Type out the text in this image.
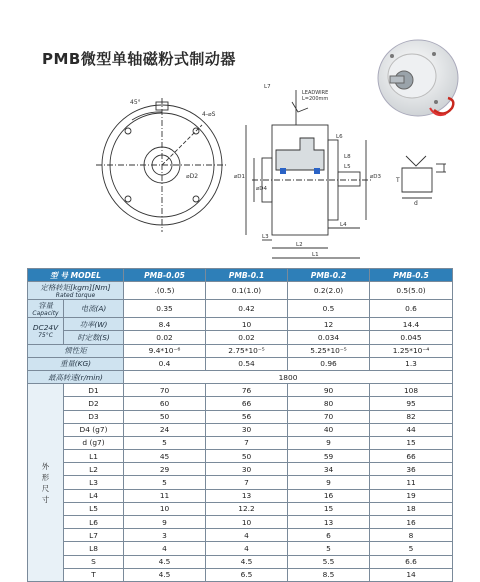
PMB微型单轴磁粉式制动器
45°
4-⌀S
⌀D2
L7
L6
LEADWIRE
L=200mm
L8
L5
⌀D1
⌀D4
⌀D3
L4
L3
L2
L1
T
d
型 号 MODEL		PMB-0.05	PMB-0.1	PMB-0.2	PMB-0.5
定格转矩[kgm][Nm]
Rated torque		.(0.5)	0.1(1.0)	0.2(2.0)	0.5(5.0)
容量
Capacity	电流(A)	0.35	0.42	0.5	0.6
DC24V
75°C	功率(W)	8.4	10	12	14.4
	时定数(S)	0.02	0.02	0.034	0.045
惯性矩		9.4*10⁻⁶	2.75*10⁻⁵	5.25*10⁻⁵	1.25*10⁻⁴
重量(KG)		0.4	0.54	0.96	1.3
最高转速(r/min)		1800			
外
形
尺
寸	D1	70	76	90	108
	D2	60	66	80	95
	D3	50	56	70	82
	D4 (g7)	24	30	40	44
	d (g7)	5	7	9	15
	L1	45	50	59	66
	L2	29	30	34	36
	L3	5	7	9	11
	L4	11	13	16	19
	L5	10	12.2	15	18
	L6	9	10	13	16
	L7	3	4	6	8
	L8	4	4	5	5
	S	4.5	4.5	5.5	6.6
	T	4.5	6.5	8.5	14
